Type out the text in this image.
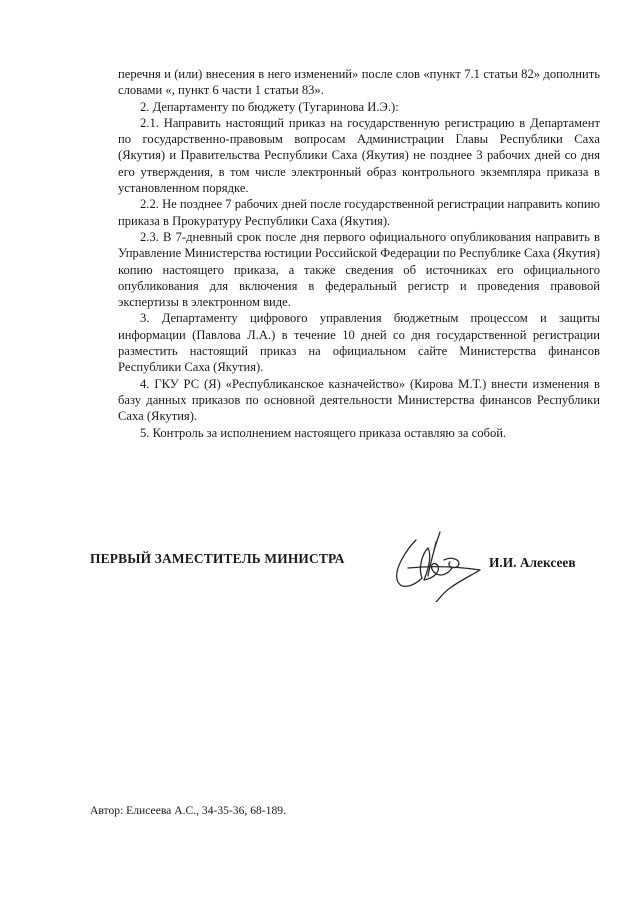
перечня и (или) внесения в него изменений» после слов «пункт 7.1 статьи 82» дополнить словами «, пункт 6 части 1 статьи 83».

2. Департаменту по бюджету (Тугаринова И.Э.):

2.1. Направить настоящий приказ на государственную регистрацию в Департамент по государственно-правовым вопросам Администрации Главы Республики Саха (Якутия) и Правительства Республики Саха (Якутия) не позднее 3 рабочих дней со дня его утверждения, в том числе электронный образ контрольного экземпляра приказа в установленном порядке.

2.2. Не позднее 7 рабочих дней после государственной регистрации направить копию приказа в Прокуратуру Республики Саха (Якутия).

2.3. В 7-дневный срок после дня первого официального опубликования направить в Управление Министерства юстиции Российской Федерации по Республике Саха (Якутия) копию настоящего приказа, а также сведения об источниках его официального опубликования для включения в федеральный регистр и проведения правовой экспертизы в электронном виде.

3. Департаменту цифрового управления бюджетным процессом и защиты информации (Павлова Л.А.) в течение 10 дней со дня государственной регистрации разместить настоящий приказ на официальном сайте Министерства финансов Республики Саха (Якутия).

4. ГКУ РС (Я) «Республиканское казначейство» (Кирова М.Т.) внести изменения в базу данных приказов по основной деятельности Министерства финансов Республики Саха (Якутия).

5. Контроль за исполнением настоящего приказа оставляю за собой.

ПЕРВЫЙ ЗАМЕСТИТЕЛЬ МИНИСТРА	И.И. Алексеев
Автор: Елисеева А.С., 34-35-36, 68-189.
